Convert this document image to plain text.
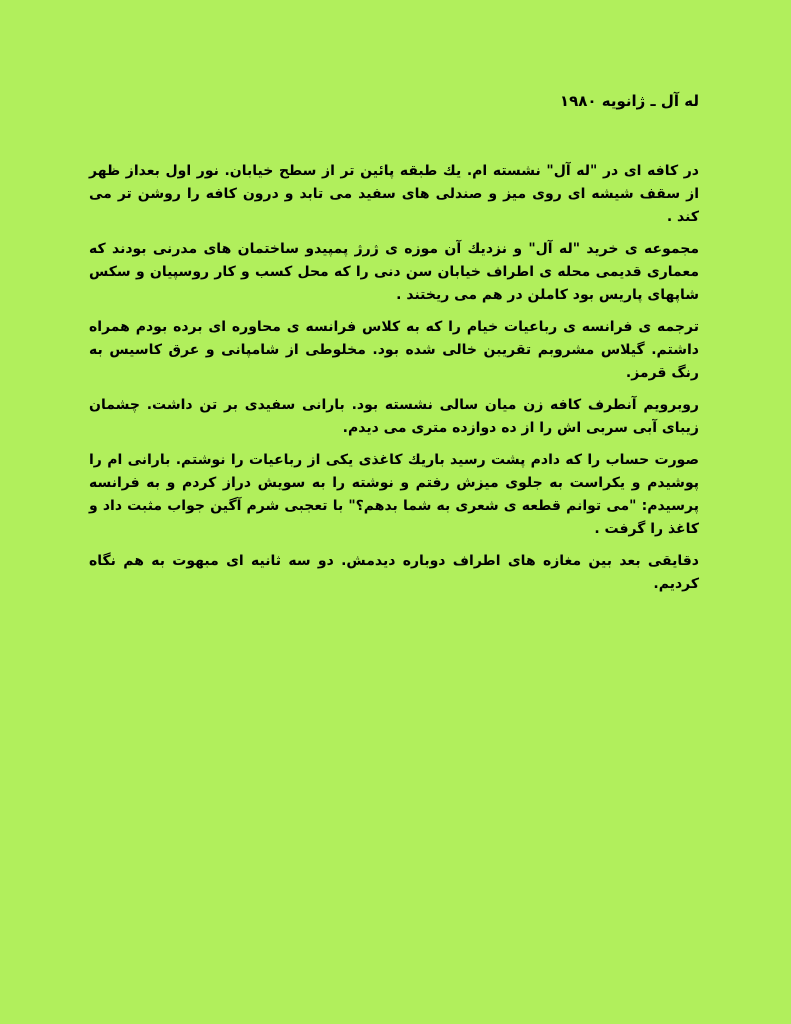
له آل ـ ژانویه ۱۹۸۰

در کافه ای در "له آل" نشسته ام. یك طبقه پائین تر از سطح خیابان. نور اول بعداز ظهر از سقف شیشه ای روی میز و صندلی های سفید می تابد و درون کافه را روشن تر می کند .

مجموعه ی خرید "له آل" و نزدیك آن موزه ی ژرژ پمپیدو ساختمان های مدرنی بودند که معماری قدیمی محله ی اطراف خیابان سن دنی را که محل کسب و کار روسپیان و سکس شاپهای پاریس بود کاملن در هم می ریختند .

ترجمه ی فرانسه ی رباعیات خیام را که به کلاس فرانسه ی محاوره ای برده بودم همراه داشتم. گیلاس مشروبم تقریبن خالی شده بود. مخلوطی از شامپانی و عرق کاسیس به رنگ قرمز.

روبرویم آنطرف کافه زن میان سالی نشسته بود. بارانی سفیدی بر تن داشت. چشمان زیبای آبی سربی اش را از ده دوازده متری می دیدم.

صورت حساب را که دادم پشت رسید باریك کاغذی یکی از رباعیات را نوشتم. بارانی ام را پوشیدم و یکراست به جلوی میزش رفتم و نوشته را به سویش دراز کردم و به فرانسه پرسیدم: "می توانم قطعه ی شعری به شما بدهم؟" با تعجبی شرم آگین جواب مثبت داد و کاغذ را گرفت .

دقایقی بعد بین مغازه های اطراف دوباره دیدمش. دو سه ثانیه ای مبهوت به هم نگاه کردیم.
